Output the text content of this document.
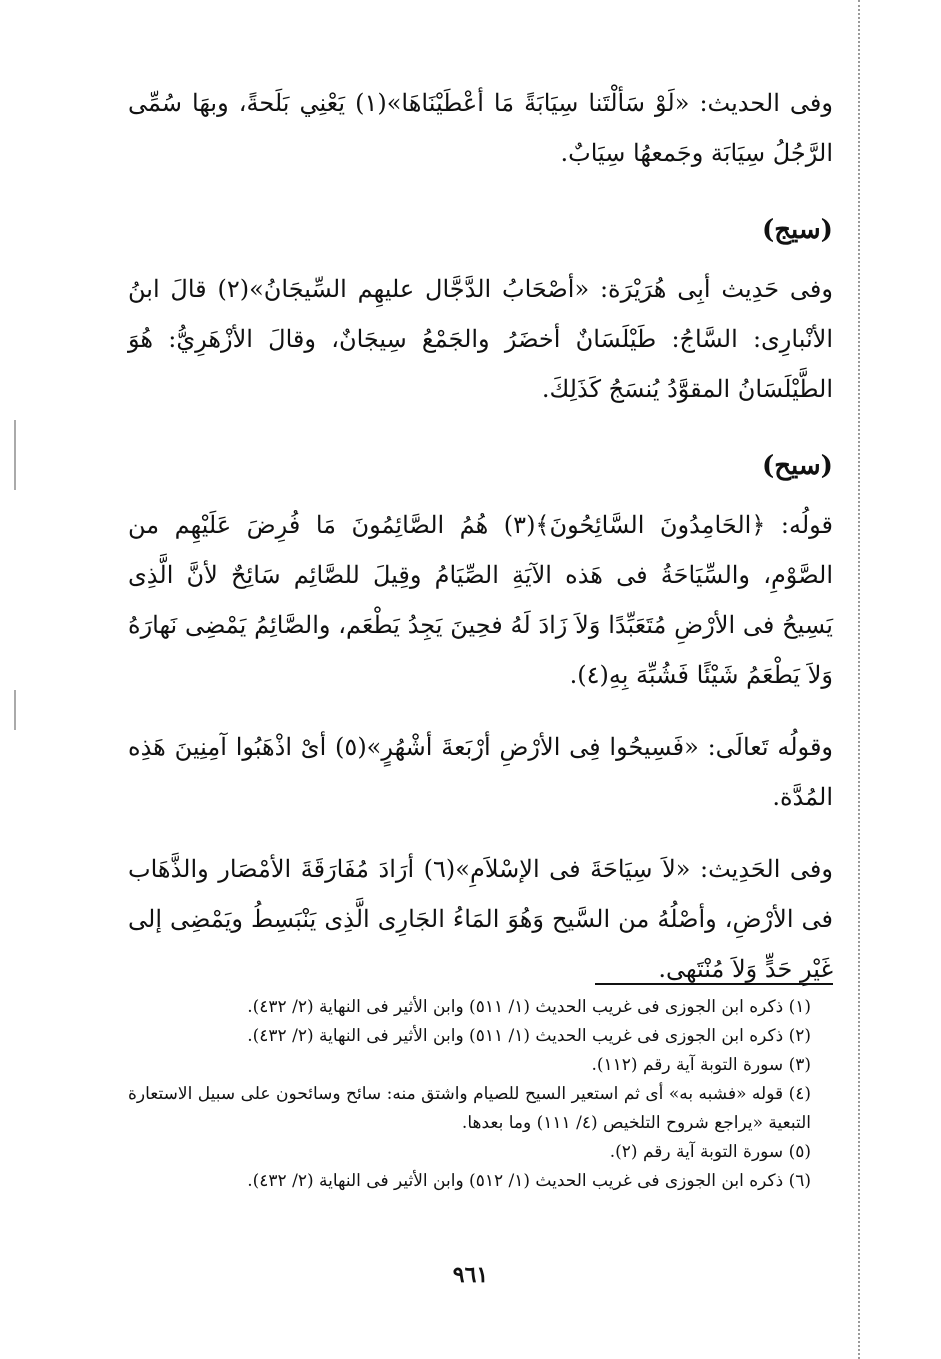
وفى الحديث: «لَوْ سَألْتَنا سِيَابَةً مَا أعْطَيْنَاهَا»(١) يَعْنِي بَلَحةً، وبهَا سُمِّى الرَّجُلُ سِيَابَة وجَمعهُا سِيَابٌ.

(سيج)

وفى حَدِيث أبِى هُرَيْرَة: «أصْحَابُ الدَّجَّال عليهِم السِّيجَانُ»(٢) قالَ ابنُ الأنْبارِى: السَّاجُ: طَيْلَسَانٌ أخضَرُ والجَمْعُ سِيجَانٌ، وقالَ الأزْهَرِيُّ: هُوَ الطَّيْلَسَانُ المقوَّدُ يُنسَجُ كَذَلِكَ.

(سيح)

قولُه: ﴿الحَامِدُونَ السَّائِحُونَ﴾(٣) هُمُ الصَّائِمُونَ مَا فُرِضَ عَلَيْهِم من الصَّوْمِ، والسِّيَاحَةُ فى هَذه الآيَةِ الصِّيَامُ وقِيلَ للصَّائِم سَائِحٌ لأنَّ الَّذِى يَسِيحُ فى الأرْضِ مُتَعَبِّدًا وَلاَ زَادَ لَهُ فحِينَ يَجِدُ يَطْعَم، والصَّائِمُ يَمْضِى نَهارَهُ وَلاَ يَطْعَمُ شَيْئًا فَشُبِّهَ بِهِ(٤).

وقولُه تَعالَى: «فَسِيحُوا فِى الأرْضِ أرْبَعةَ أشْهُرٍ»(٥) أىْ اذْهَبُوا آمِنِينَ هَذِه المُدَّة.

وفى الحَدِيث: «لاَ سِيَاحَةَ فى الإسْلاَمِ»(٦) أرَادَ مُفَارَقَةَ الأمْصَار والذَّهَاب فى الأرْضِ، وأصْلُهُ من السَّيح وَهُوَ المَاءُ الجَارِى الَّذِى يَنْبَسِطُ ويَمْضِى إلى غَيْرِ حَدٍّ وَلاَ مُنْتَهى.

(١) ذكره ابن الجوزى فى غريب الحديث (١/ ٥١١) وابن الأثير فى النهاية (٢/ ٤٣٢).

(٢) ذكره ابن الجوزى فى غريب الحديث (١/ ٥١١) وابن الأثير فى النهاية (٢/ ٤٣٢).

(٣) سورة التوبة آية رقم (١١٢).

(٤) قوله «فشبه به» أى ثم استعير السيح للصيام واشتق منه: سائح وسائحون على سبيل الاستعارة التبعية «يراجع شروح التلخيص (٤/ ١١١) وما بعدها.

(٥) سورة التوبة آية رقم (٢).

(٦) ذكره ابن الجوزى فى غريب الحديث (١/ ٥١٢) وابن الأثير فى النهاية (٢/ ٤٣٢).

٩٦١
